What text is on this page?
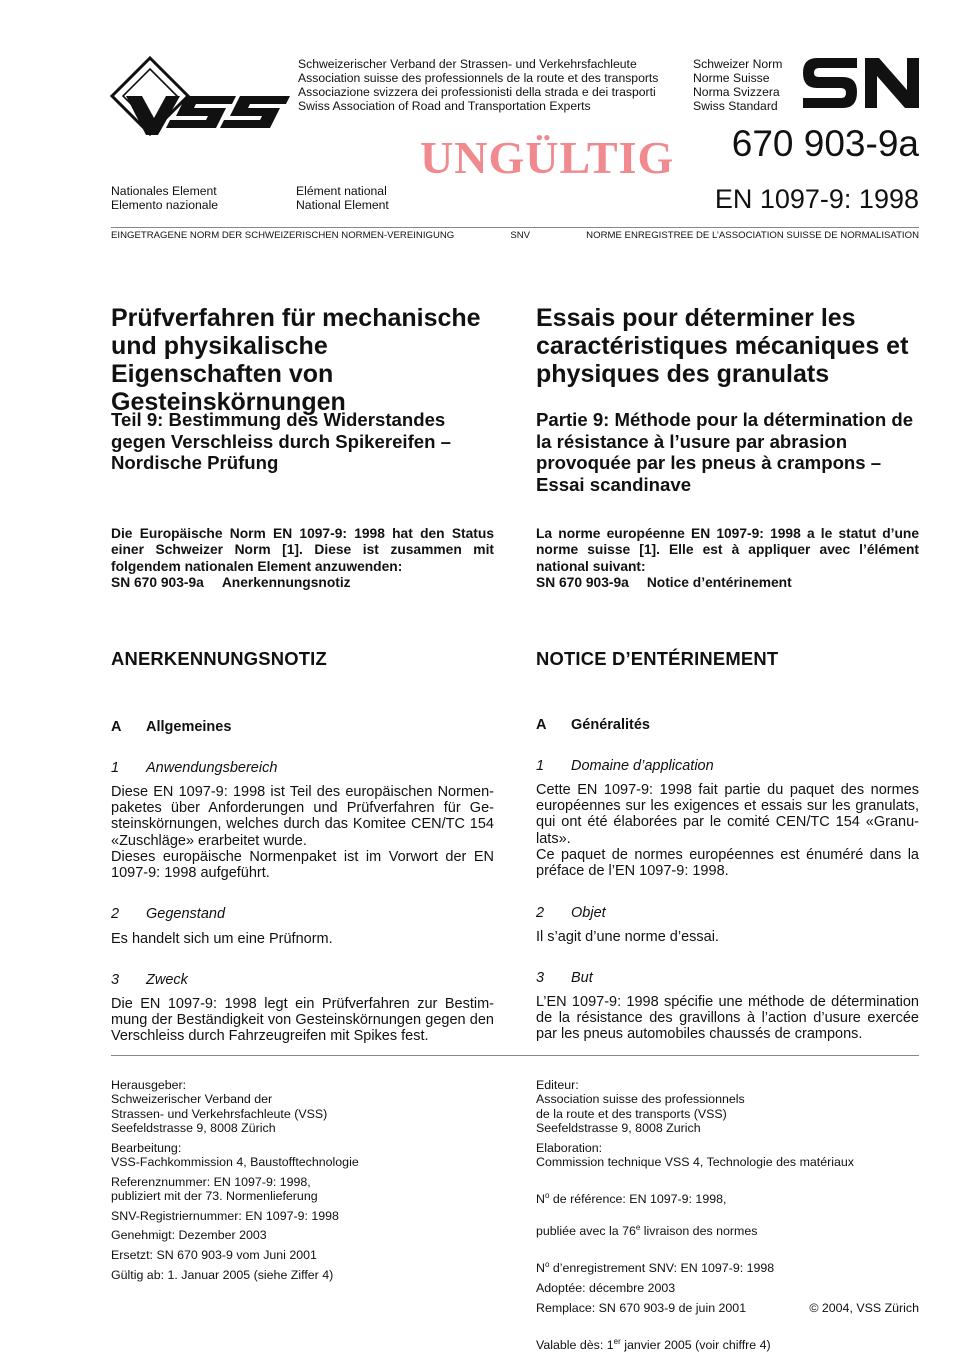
Schweizerischer Verband der Strassen- und Verkehrsfachleute
Association suisse des professionnels de la route et des transports
Associazione svizzera dei professionisti della strada e dei trasporti
Swiss Association of Road and Transportation Experts
Schweizer Norm
Norme Suisse
Norma Svizzera
Swiss Standard
670 903-9a
UNGÜLTIG
Nationales Element
Elemento nazionale
Elément national
National Element	EN 1097-9: 1998
EINGETRAGENE NORM DER SCHWEIZERISCHEN NORMEN-VEREINIGUNG	SNV	NORME ENREGISTREE DE L’ASSOCIATION SUISSE DE NORMALISATION
Prüfverfahren für mechanische und physikalische Eigenschaften von Gesteinskörnungen
Teil 9: Bestimmung des Widerstandes gegen Verschleiss durch Spikereifen – Nordische Prüfung

Die Europäische Norm EN 1097-9: 1998 hat den Status einer Schweizer Norm [1]. Diese ist zusammen mit folgendem nationalen Element anzuwenden:

SN 670 903-9a Anerkennungsnotiz

ANERKENNUNGSNOTIZ
A Allgemeines
1 Anwendungsbereich

Diese EN 1097-9: 1998 ist Teil des europäischen Normenpaketes über Anforderungen und Prüfverfahren für Gesteinskörnungen, welches durch das Komitee CEN/TC 154 «Zuschläge» erarbeitet wurde.
Dieses europäische Normenpaket ist im Vorwort der EN 1097-9: 1998 aufgeführt.

2 Gegenstand

Es handelt sich um eine Prüfnorm.

3 Zweck

Die EN 1097-9: 1998 legt ein Prüfverfahren zur Bestimmung der Beständigkeit von Gesteinskörnungen gegen den Verschleiss durch Fahrzeugreifen mit Spikes fest.

Essais pour déterminer les caractéristiques mécaniques et physiques des granulats
Partie 9: Méthode pour la détermination de la résistance à l’usure par abrasion provoquée par les pneus à crampons – Essai scandinave

La norme européenne EN 1097-9: 1998 a le statut d’une norme suisse [1]. Elle est à appliquer avec l’élément national suivant:

SN 670 903-9a Notice d’entérinement

NOTICE D’ENTÉRINEMENT
A Généralités
1 Domaine d’application

Cette EN 1097-9: 1998 fait partie du paquet des normes européennes sur les exigences et essais sur les granulats, qui ont été élaborées par le comité CEN/TC 154 «Granulats».
Ce paquet de normes européennes est énuméré dans la préface de l’EN 1097-9: 1998.

2 Objet

Il s’agit d’une norme d’essai.

3 But

L’EN 1097-9: 1998 spécifie une méthode de détermination de la résistance des gravillons à l’action d’usure exercée par les pneus automobiles chaussés de crampons.

Herausgeber:
Schweizerischer Verband der
Strassen- und Verkehrsfachleute (VSS)
Seefeldstrasse 9, 8008 Zürich
Bearbeitung:
VSS-Fachkommission 4, Baustofftechnologie
Referenznummer: EN 1097-9: 1998,
publiziert mit der 73. Normenlieferung
SNV-Registriernummer: EN 1097-9: 1998
Genehmigt: Dezember 2003
Ersetzt: SN 670 903-9 vom Juni 2001
Gültig ab: 1. Januar 2005 (siehe Ziffer 4)
Editeur:
Association suisse des professionnels
de la route et des transports (VSS)
Seefeldstrasse 9, 8008 Zurich
Elaboration:
Commission technique VSS 4, Technologie des matériaux

$N^o$ de référence: EN 1097-9: 1998,

publiée avec la 76e livraison des normes

$N^o$ d’enregistrement SNV: EN 1097-9: 1998

Adoptée: décembre 2003
Remplace: SN 670 903-9 de juin 2001

Valable dès: 1er janvier 2005 (voir chiffre 4)

© 2004, VSS Zürich
